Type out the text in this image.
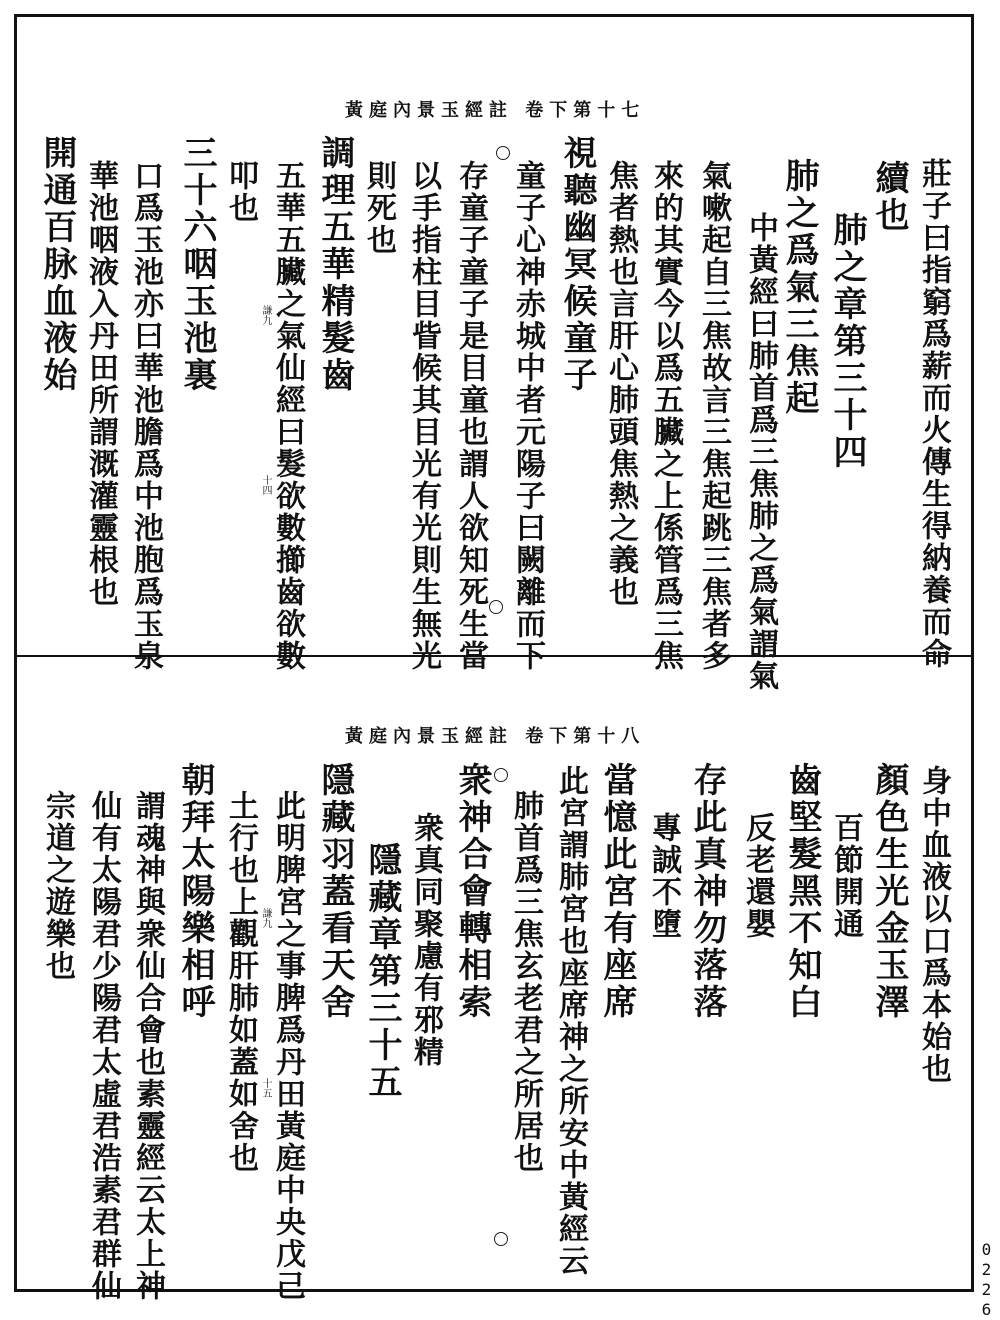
黃庭內景玉經註 卷下第十七
黃庭內景玉經註 卷下第十八
莊子曰指窮爲薪而火傳生得納養而命
續也
肺之章第三十四
肺之爲氣三焦起
中黃經曰肺首爲三焦肺之爲氣謂氣
氣嗽起自三焦故言三焦起跳三焦者多
來的其實今以爲五臟之上係管爲三焦
焦者熱也言肝心肺頭焦熱之義也
視聽幽冥候童子
童子心神赤城中者元陽子曰闕離而下
存童子童子是目童也謂人欲知死生當
以手指柱目眥候其目光有光則生無光
則死也
調理五華精髮齒
五華五臟之氣仙經曰髮欲數擳齒欲數
叩也
三十六咽玉池裏
口爲玉池亦曰華池膽爲中池胞爲玉泉
華池咽液入丹田所謂溉灌靈根也
開通百脉血液始
身中血液以口爲本始也
顏色生光金玉澤
百節開通
齒堅髮黑不知白
反老還嬰
存此真神勿落落
專誠不墮
當憶此宮有座席
此宮謂肺宮也座席神之所安中黃經云
肺首爲三焦玄老君之所居也
衆神合會轉相索
衆真同聚慮有邪精
隱藏章第三十五
隱藏羽蓋看天舍
此明脾宮之事脾爲丹田黃庭中央戊己
土行也上觀肝肺如蓋如舍也
朝拜太陽樂相呼
謂魂神與衆仙合會也素靈經云太上神
仙有太陽君少陽君太虛君浩素君群仙
宗道之遊樂也
謙九
十四
謙九
十五
0226
